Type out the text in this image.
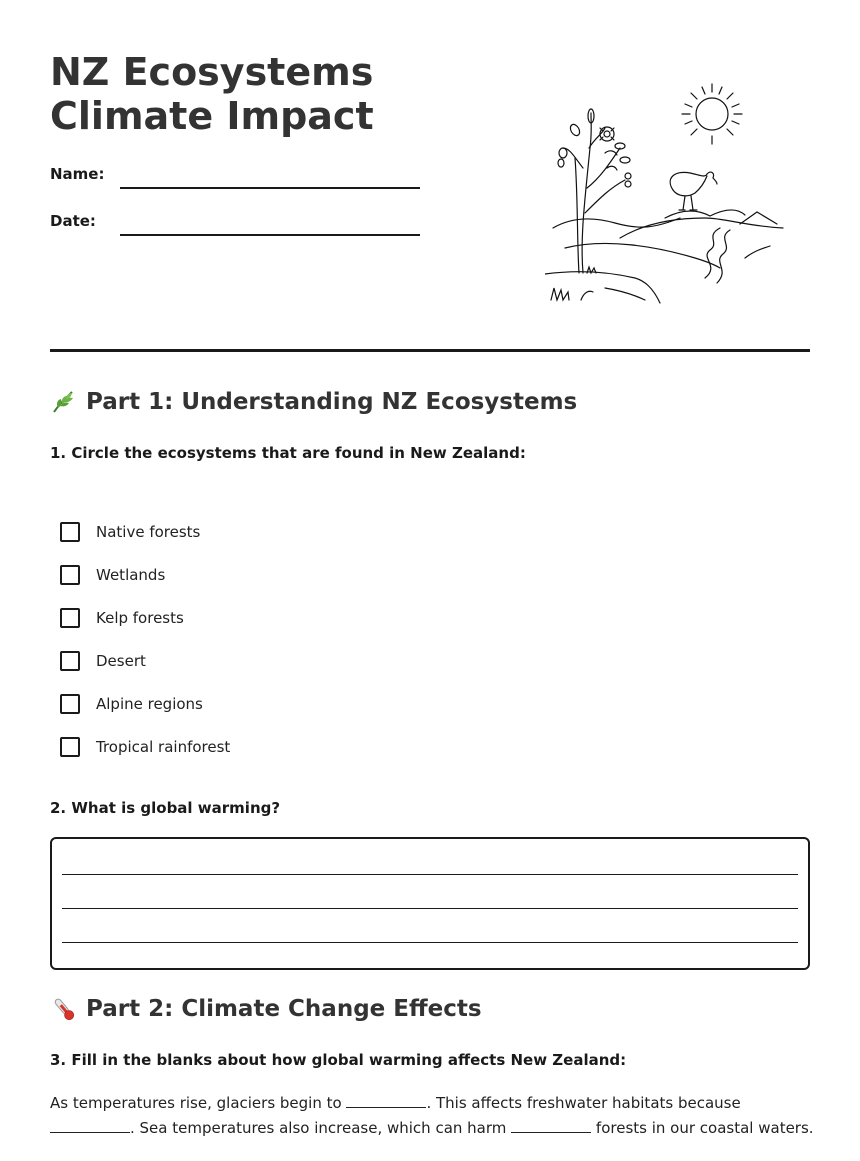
NZ Ecosystems Climate Impact
Name:
Date:
Part 1: Understanding NZ Ecosystems

1. Circle the ecosystems that are found in New Zealand:

Native forests
Wetlands
Kelp forests
Desert
Alpine regions
Tropical rainforest

2. What is global warming?

Part 2: Climate Change Effects

3. Fill in the blanks about how global warming affects New Zealand:

As temperatures rise, glaciers begin to	. This affects freshwater habitats because . Sea temperatures also increase, which can harm	forests in our coastal waters.
